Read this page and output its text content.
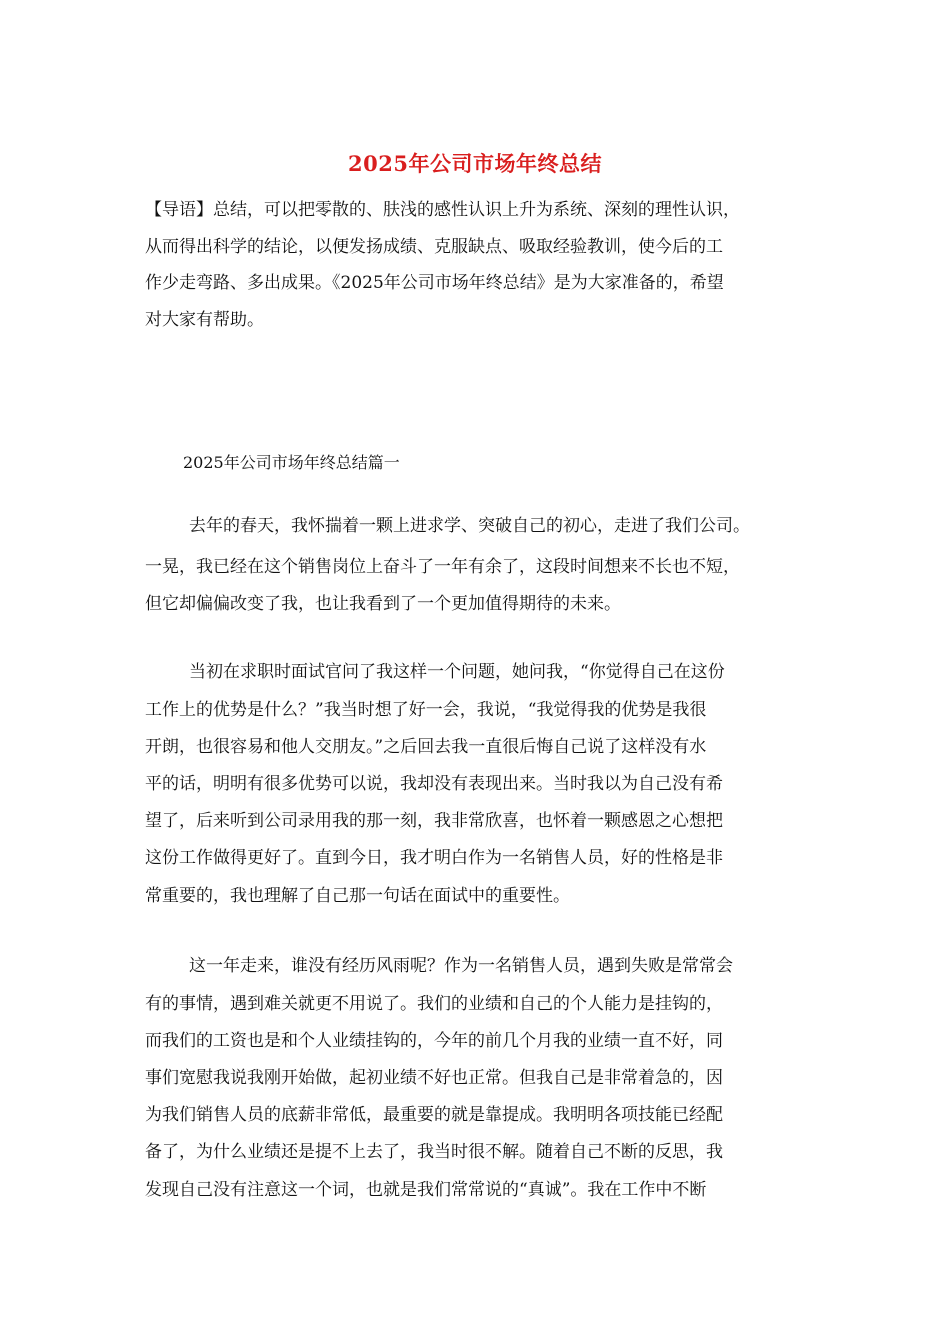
2025年公司市场年终总结
【导语】总结，可以把零散的、肤浅的感性认识上升为系统、深刻的理性认识，
从而得出科学的结论，以便发扬成绩、克服缺点、吸取经验教训，使今后的工
作少走弯路、多出成果。《2025年公司市场年终总结》是为大家准备的，希望
对大家有帮助。
2025年公司市场年终总结篇一
去年的春天，我怀揣着一颗上进求学、突破自己的初心，走进了我们公司。
一晃，我已经在这个销售岗位上奋斗了一年有余了，这段时间想来不长也不短，
但它却偏偏改变了我，也让我看到了一个更加值得期待的未来。
当初在求职时面试官问了我这样一个问题，她问我，“你觉得自己在这份
工作上的优势是什么？”我当时想了好一会，我说，“我觉得我的优势是我很
开朗，也很容易和他人交朋友。”之后回去我一直很后悔自己说了这样没有水
平的话，明明有很多优势可以说，我却没有表现出来。当时我以为自己没有希
望了，后来听到公司录用我的那一刻，我非常欣喜，也怀着一颗感恩之心想把
这份工作做得更好了。直到今日，我才明白作为一名销售人员，好的性格是非
常重要的，我也理解了自己那一句话在面试中的重要性。
这一年走来，谁没有经历风雨呢？作为一名销售人员，遇到失败是常常会
有的事情，遇到难关就更不用说了。我们的业绩和自己的个人能力是挂钩的，
而我们的工资也是和个人业绩挂钩的，今年的前几个月我的业绩一直不好，同
事们宽慰我说我刚开始做，起初业绩不好也正常。但我自己是非常着急的，因
为我们销售人员的底薪非常低，最重要的就是靠提成。我明明各项技能已经配
备了，为什么业绩还是提不上去了，我当时很不解。随着自己不断的反思，我
发现自己没有注意这一个词，也就是我们常常说的“真诚”。我在工作中不断
